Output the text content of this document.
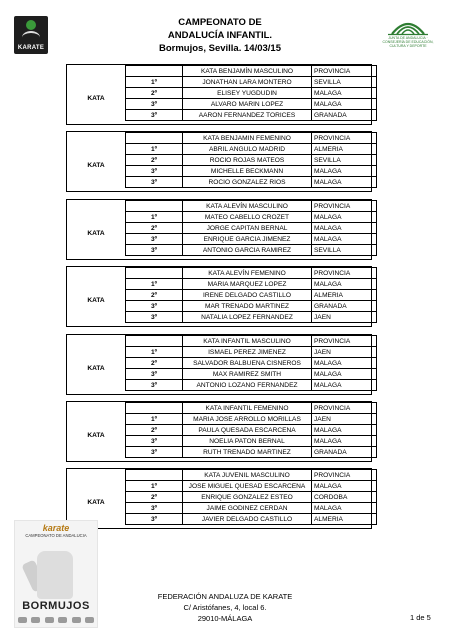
KARATE
JUNTA DE ANDALUCIA · CONSEJERÍA DE EDUCACIÓN, CULTURA Y DEPORTE
CAMPEONATO DE
ANDALUCÍA INFANTIL.
Bormujos, Sevilla. 14/03/15
		KATA BENJAMÍN MASCULINO	PROVINCIA
KATA	1º	JONATHAN LARA MONTERO	SEVILLA
	2º	ELISEY YUGDUDIN	MALAGA
	3º	ALVARO MARIN LOPEZ	MALAGA
	3º	AARON FERNANDEZ TORICES	GRANADA

		KATA BENJAMIN FEMENINO	PROVINCIA
KATA	1º	ABRIL ANGULO MADRID	ALMERIA
	2º	ROCIO ROJAS MATEOS	SEVILLA
	3º	MICHELLE BECKMANN	MALAGA
	3º	ROCIO GONZALEZ RIOS	MALAGA

		KATA ALEVÍN MASCULINO	PROVINCIA
KATA	1º	MATEO CABELLO CROZET	MALAGA
	2º	JORGE CAPITAN BERNAL	MALAGA
	3º	ENRIQUE GARCIA JIMENEZ	MALAGA
	3º	ANTONIO GARCIA RAMIREZ	SEVILLA

		KATA ALEVÍN FEMENINO	PROVINCIA
KATA	1º	MARIA MARQUEZ LOPEZ	MALAGA
	2º	IRENE DELGADO CASTILLO	ALMERIA
	3º	MAR TRENADO MARTINEZ	GRANADA
	3º	NATALIA LOPEZ FERNANDEZ	JAEN

		KATA INFANTIL MASCULINO	PROVINCIA
KATA	1º	ISMAEL PEREZ JIMENEZ	JAEN
	2º	SALVADOR BALBUENA CISNEROS	MALAGA
	3º	MAX RAMIREZ SMITH	MALAGA
	3º	ANTONIO LOZANO FERNANDEZ	MALAGA

		KATA INFANTIL FEMENINO	PROVINCIA
KATA	1º	MARIA JOSE ARROLLO MORILLAS	JAEN
	2º	PAULA QUESADA ESCARCENA	MALAGA
	3º	NOELIA PATON BERNAL	MALAGA
	3º	RUTH TRENADO MARTINEZ	GRANADA

		KATA JUVENIL MASCULINO	PROVINCIA
KATA	1º	JOSE MIGUEL QUESAD ESCARCENA	MALAGA
	2º	ENRIQUE GONZALEZ ESTEO	CORDOBA
	3º	JAIME GODINEZ CERDAN	MALAGA
	3º	JAVIER DELGADO CASTILLO	ALMERIA

karate
CAMPEONATO DE ANDALUCIA
BORMUJOS
FEDERACIÓN ANDALUZA DE KARATE
C/ Aristófanes, 4, local 6.
29010-MÁLAGA	1 de 5
